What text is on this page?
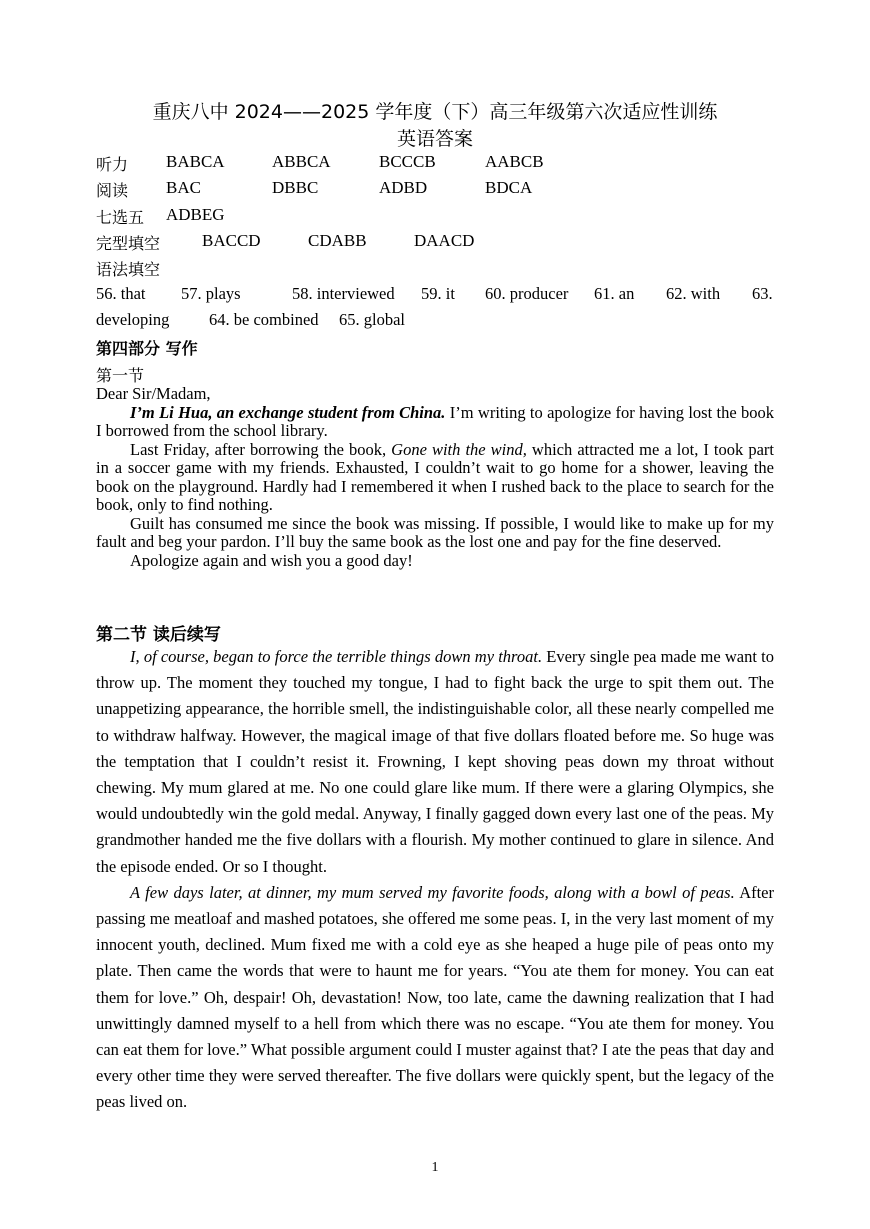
重庆八中 2024——2025 学年度（下）高三年级第六次适应性训练
英语答案
听力 BABCA	ABBCA	BCCCB	AABCB
阅读 BAC	DBBC	ADBD	BDCA
七选五 ADBEG
完型填空 BACCD	CDABB	DAACD
语法填空
56. that 57. plays	58. interviewed 59. it 60. producer 61. an 62. with 63.
developing 64. be combined 65. global
第四部分 写作
第一节

Dear Sir/Madam,

I’m Li Hua, an exchange student from China. I’m writing to apologize for having lost the book I borrowed from the school library.

Last Friday, after borrowing the book, Gone with the wind, which attracted me a lot, I took part in a soccer game with my friends. Exhausted, I couldn’t wait to go home for a shower, leaving the book on the playground. Hardly had I remembered it when I rushed back to the place to search for the book, only to find nothing.

Guilt has consumed me since the book was missing. If possible, I would like to make up for my fault and beg your pardon. I’ll buy the same book as the lost one and pay for the fine deserved.

Apologize again and wish you a good day!

第二节 读后续写

I, of course, began to force the terrible things down my throat. Every single pea made me want to throw up. The moment they touched my tongue, I had to fight back the urge to spit them out. The unappetizing appearance, the horrible smell, the indistinguishable color, all these nearly compelled me to withdraw halfway. However, the magical image of that five dollars floated before me. So huge was the temptation that I couldn’t resist it. Frowning, I kept shoving peas down my throat without chewing. My mum glared at me. No one could glare like mum. If there were a glaring Olympics, she would undoubtedly win the gold medal. Anyway, I finally gagged down every last one of the peas. My grandmother handed me the five dollars with a flourish. My mother continued to glare in silence. And the episode ended. Or so I thought.

A few days later, at dinner, my mum served my favorite foods, along with a bowl of peas. After passing me meatloaf and mashed potatoes, she offered me some peas. I, in the very last moment of my innocent youth, declined. Mum fixed me with a cold eye as she heaped a huge pile of peas onto my plate. Then came the words that were to haunt me for years. “You ate them for money. You can eat them for love.” Oh, despair! Oh, devastation! Now, too late, came the dawning realization that I had unwittingly damned myself to a hell from which there was no escape. “You ate them for money. You can eat them for love.” What possible argument could I muster against that? I ate the peas that day and every other time they were served thereafter. The five dollars were quickly spent, but the legacy of the peas lived on.

1
